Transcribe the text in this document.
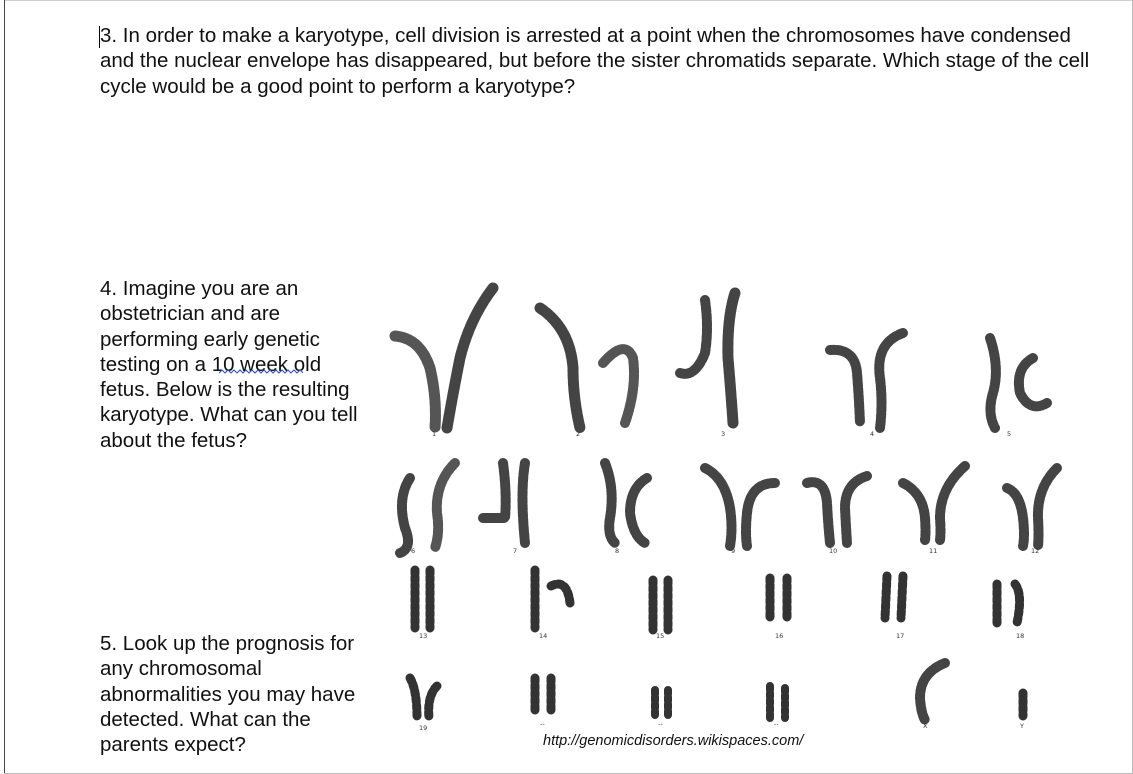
3. In order to make a karyotype, cell division is arrested at a point when the chromosomes have condensed and the nuclear envelope has disappeared, but before the sister chromatids separate. Which stage of the cell cycle would be a good point to perform a karyotype?

4. Imagine you are an obstetrician and are performing early genetic testing on a 10 week old fetus. Below is the resulting karyotype. What can you tell about the fetus?

5. Look up the prognosis for any chromosomal abnormalities you may have detected. What can the parents expect?

1	2	3	4	5
6	7	8	9	10	11	12
13	14	15	16	17	18
19	--	--	--	X	Y
http://genomicdisorders.wikispaces.com/
